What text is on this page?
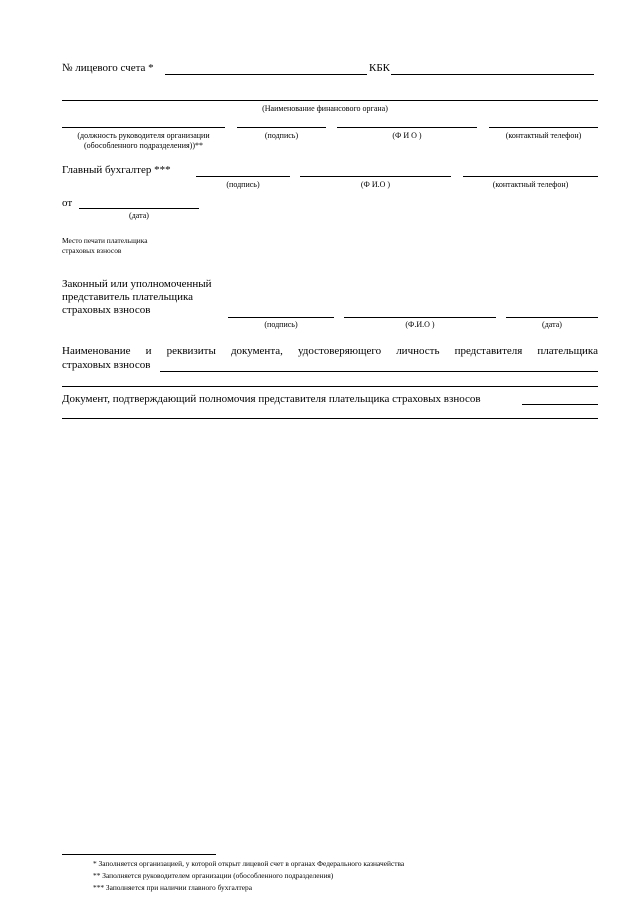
№ лицевого счета *	КБК
(Наименование финансового органа)
(должность руководителя организации
(обособленного подразделения))**
(подпись)	(Ф И О )	(контактный телефон)
Главный бухгалтер ***
(подпись)	(Ф И.О )	(контактный телефон)
от
(дата)
Место печати плательщика
страховых взносов
Законный или уполномоченный
представитель плательщика
страховых взносов
(подпись)	(Ф.И.О )	(дата)
Наименование и реквизиты документа, удостоверяющего личность представителя плательщика
страховых взносов
Документ, подтверждающий полномочия представителя плательщика страховых взносов
* Заполняется организацией, у которой открыт лицевой счет в органах Федерального казначейства
** Заполняется руководителем организации (обособленного подразделения)
*** Заполняется при наличии главного бухгалтера
